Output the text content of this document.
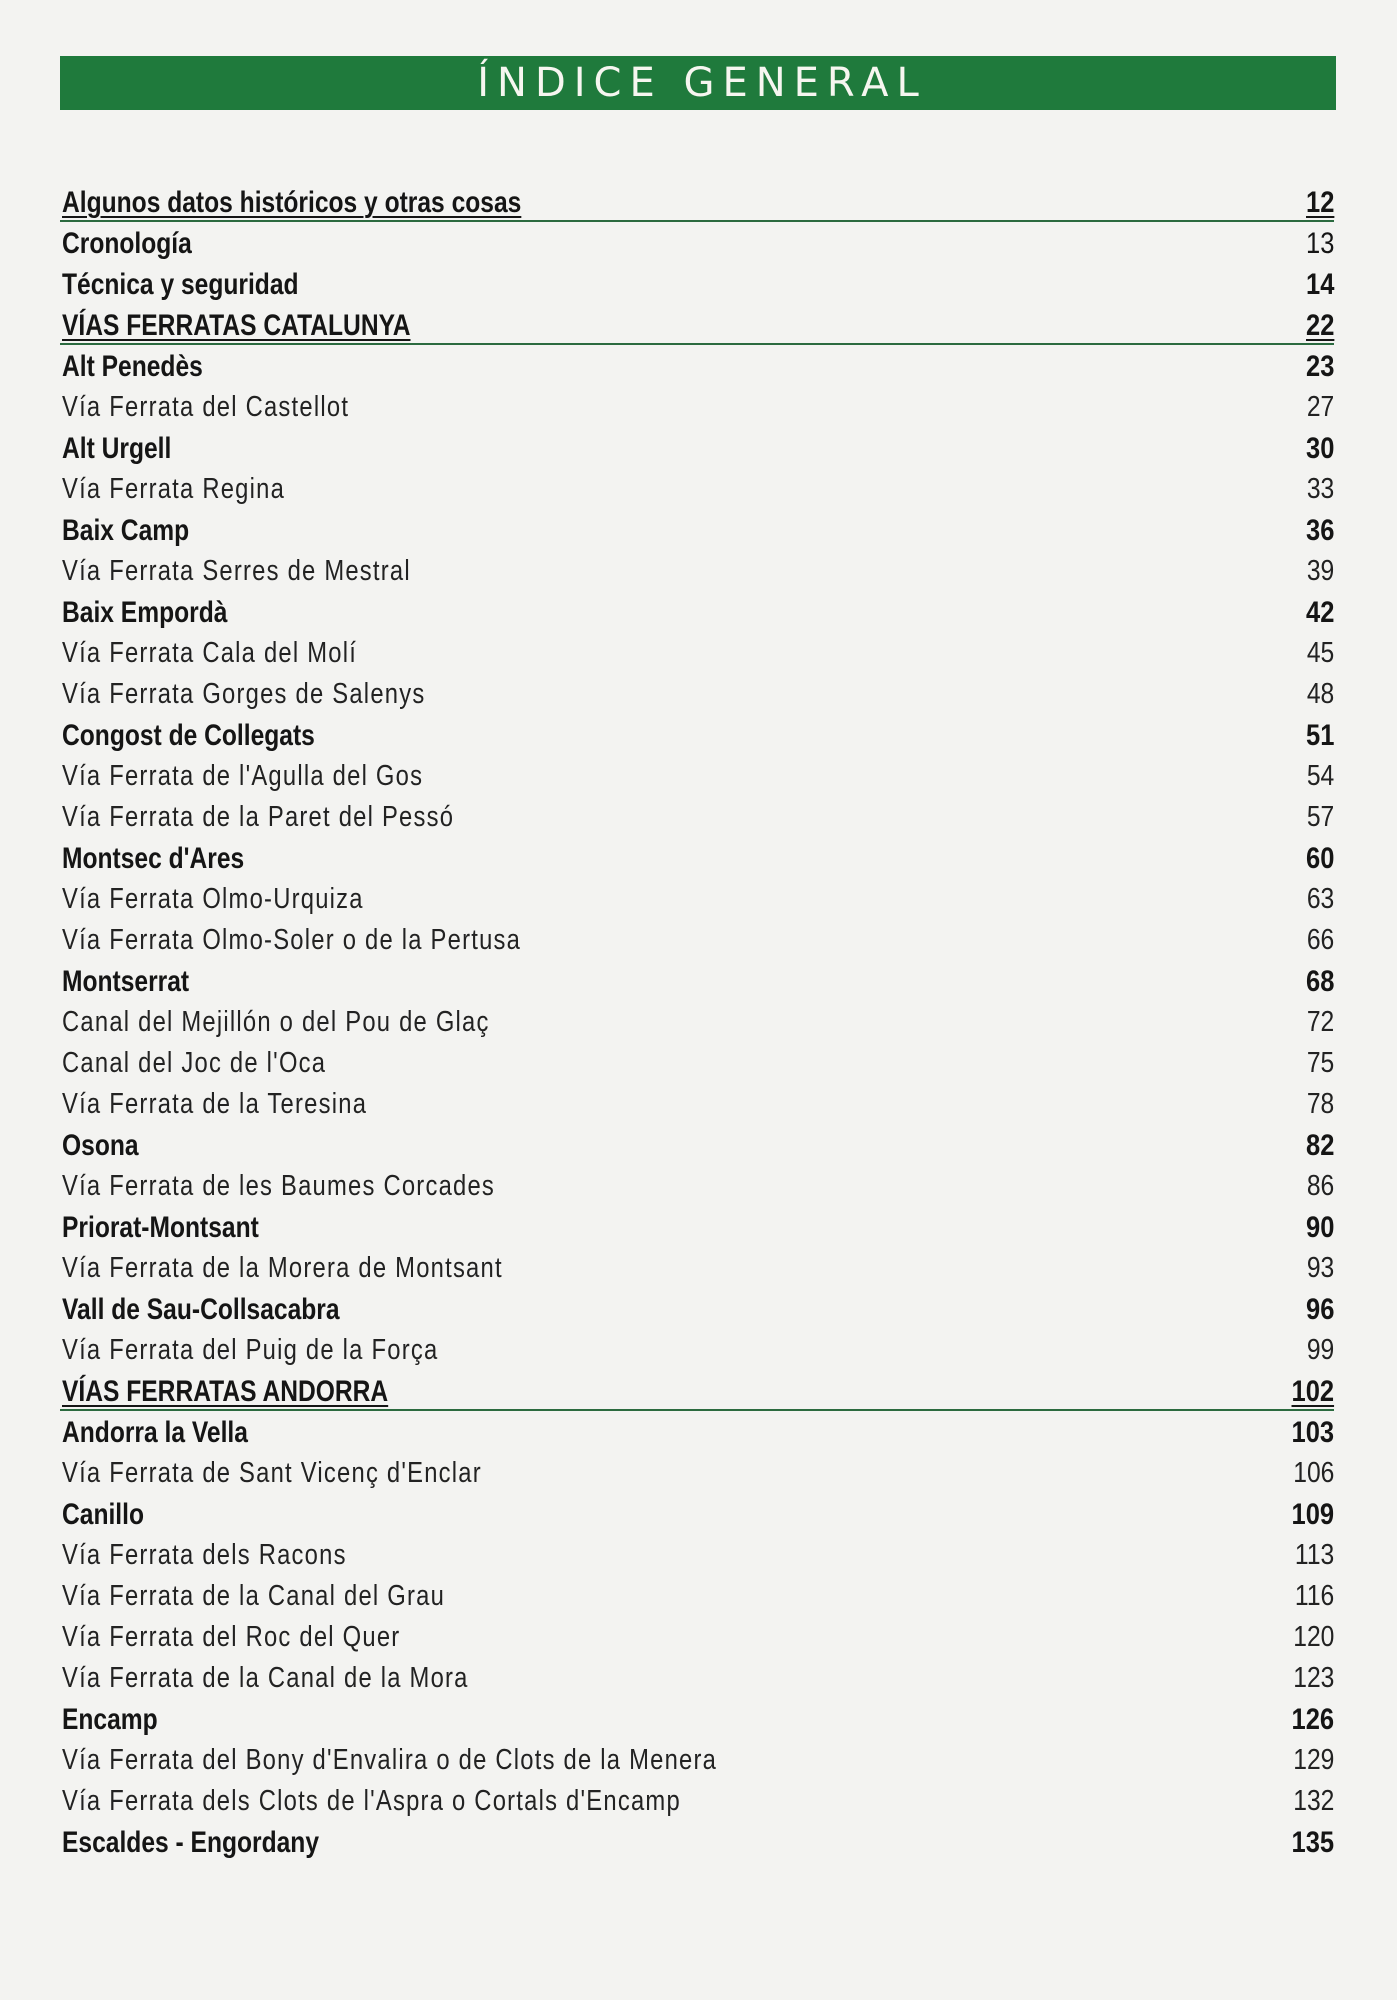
ÍNDICE GENERAL
Algunos datos históricos y otras cosas	12
Cronología	13
Técnica y seguridad	14
VÍAS FERRATAS CATALUNYA	22
Alt Penedès	23
Vía Ferrata del Castellot	27
Alt Urgell	30
Vía Ferrata Regina	33
Baix Camp	36
Vía Ferrata Serres de Mestral	39
Baix Empordà	42
Vía Ferrata Cala del Molí	45
Vía Ferrata Gorges de Salenys	48
Congost de Collegats	51
Vía Ferrata de l'Agulla del Gos	54
Vía Ferrata de la Paret del Pessó	57
Montsec d'Ares	60
Vía Ferrata Olmo-Urquiza	63
Vía Ferrata Olmo-Soler o de la Pertusa	66
Montserrat	68
Canal del Mejillón o del Pou de Glaç	72
Canal del Joc de l'Oca	75
Vía Ferrata de la Teresina	78
Osona	82
Vía Ferrata de les Baumes Corcades	86
Priorat-Montsant	90
Vía Ferrata de la Morera de Montsant	93
Vall de Sau-Collsacabra	96
Vía Ferrata del Puig de la Força	99
VÍAS FERRATAS ANDORRA	102
Andorra la Vella	103
Vía Ferrata de Sant Vicenç d'Enclar	106
Canillo	109
Vía Ferrata dels Racons	113
Vía Ferrata de la Canal del Grau	116
Vía Ferrata del Roc del Quer	120
Vía Ferrata de la Canal de la Mora	123
Encamp	126
Vía Ferrata del Bony d'Envalira o de Clots de la Menera	129
Vía Ferrata dels Clots de l'Aspra o Cortals d'Encamp	132
Escaldes - Engordany	135
